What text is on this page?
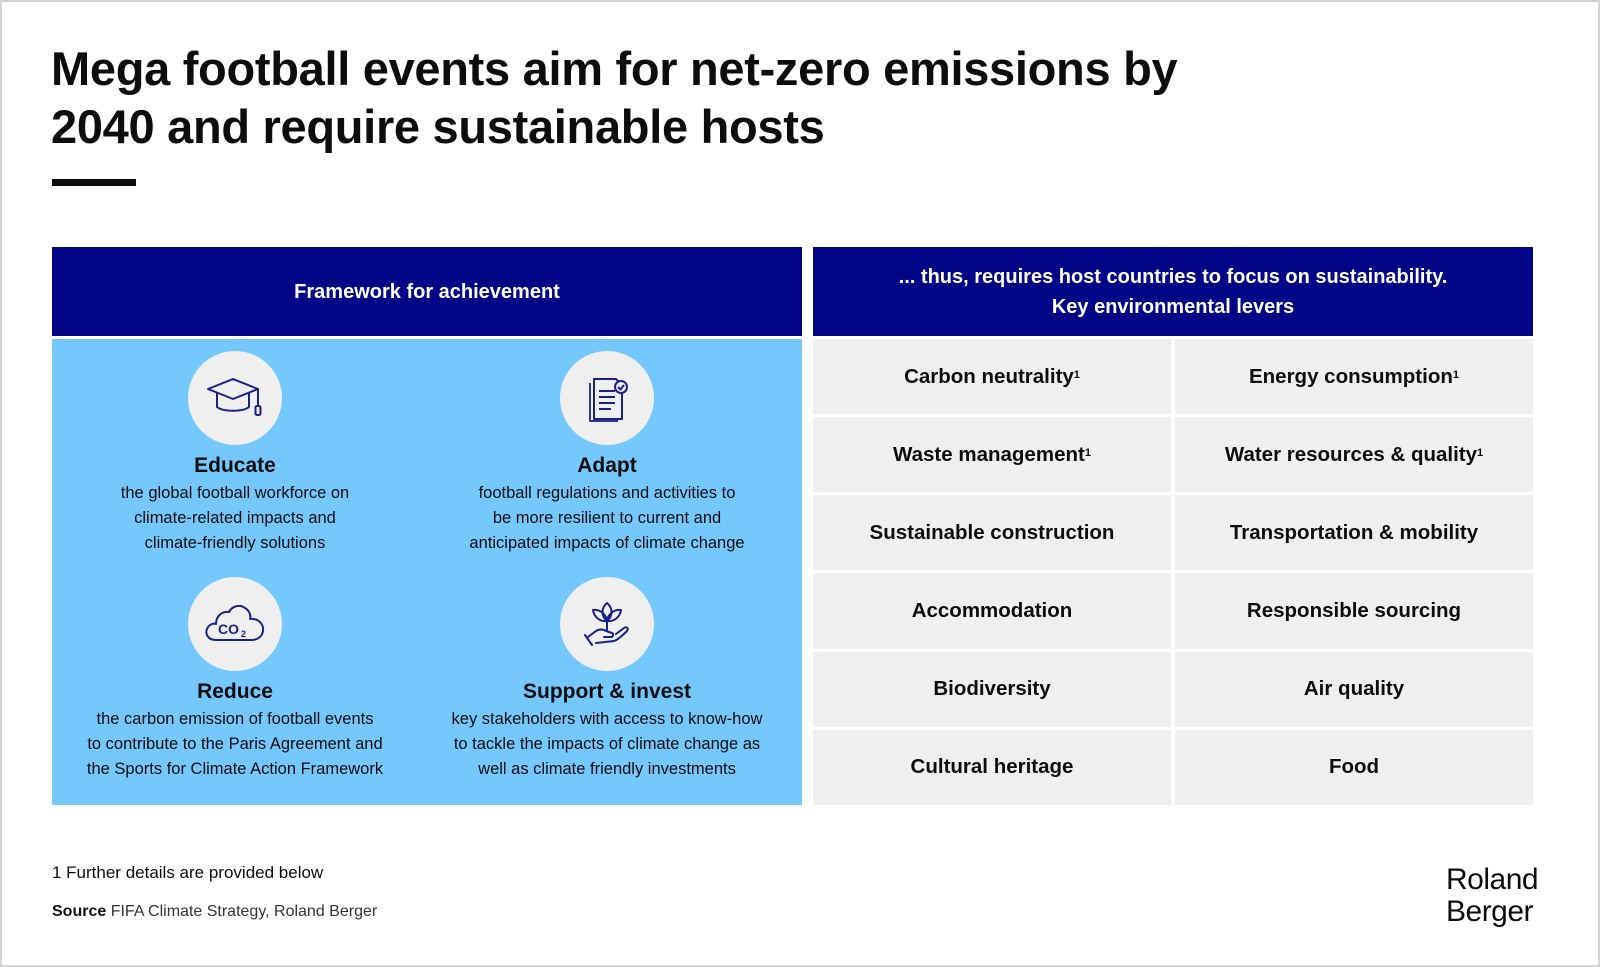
Mega football events aim for net-zero emissions by
2040 and require sustainable hosts
Framework for achievement
Educate

the global football workforce on
climate-related impacts and
climate-friendly solutions

Adapt

football regulations and activities to
be more resilient to current and
anticipated impacts of climate change

CO 2
Reduce

the carbon emission of football events
to contribute to the Paris Agreement and
the Sports for Climate Action Framework

Support & invest

key stakeholders with access to know-how
to tackle the impacts of climate change as
well as climate friendly investments

... thus, requires host countries to focus on sustainability.
Key environmental levers
Carbon neutrality$^1$	Energy consumption$^1$
Waste management$^1$	Water resources & quality$^1$
Sustainable construction	Transportation & mobility
Accommodation	Responsible sourcing
Biodiversity	Air quality
Cultural heritage	Food
1 Further details are provided below
Source FIFA Climate Strategy, Roland Berger
Roland
Berger
